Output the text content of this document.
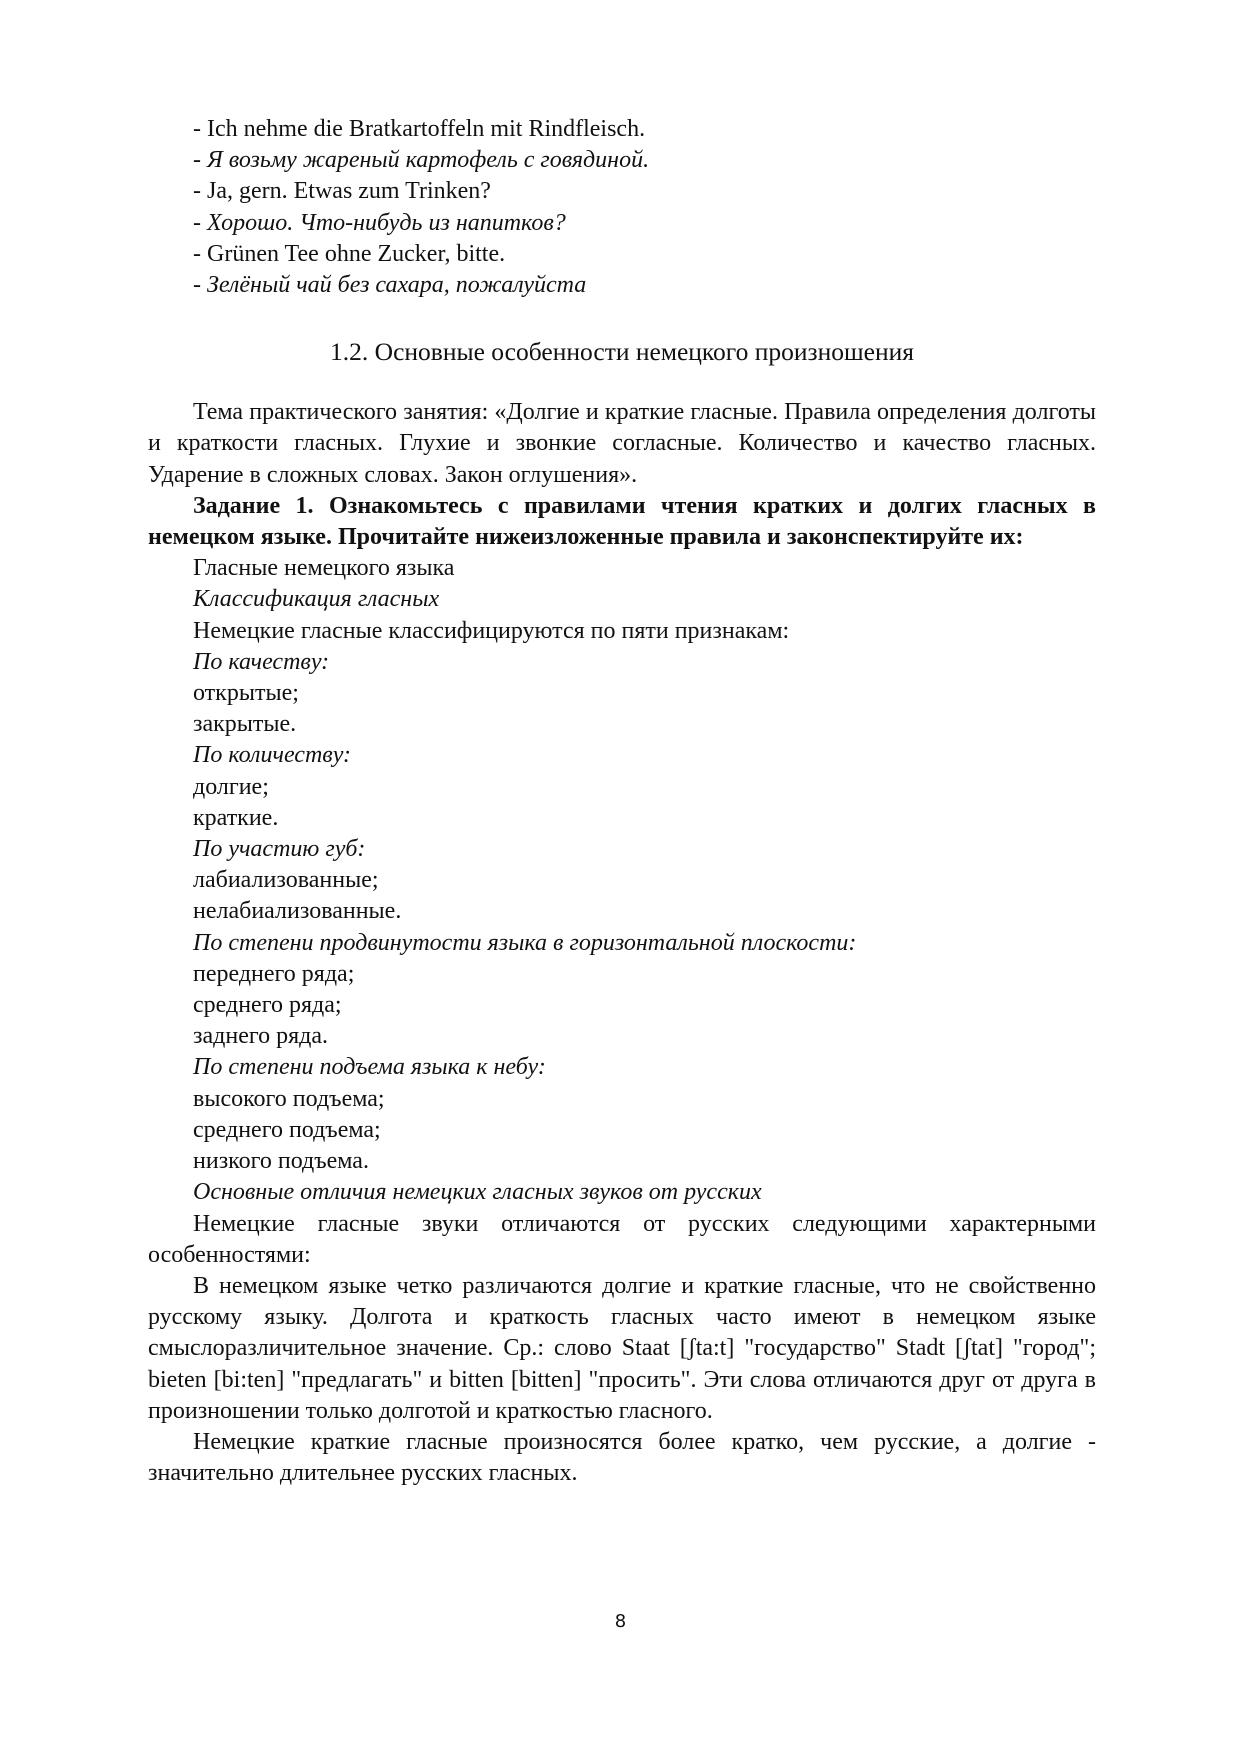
- Ich nehme die Bratkartoffeln mit Rindfleisch.

- Я возьму жареный картофель с говядиной.

- Ja, gern. Etwas zum Trinken?

- Хорошо. Что-нибудь из напитков?

- Grünen Tee ohne Zucker, bitte.

- Зелёный чай без сахара, пожалуйста

1.2. Основные особенности немецкого произношения

Тема практического занятия: «Долгие и краткие гласные. Правила определения долготы и краткости гласных. Глухие и звонкие согласные. Количество и качество гласных. Ударение в сложных словах. Закон оглушения».

Задание 1. Ознакомьтесь с правилами чтения кратких и долгих гласных в немецком языке. Прочитайте нижеизложенные правила и законспектируйте их:

Гласные немецкого языка

Классификация гласных

Немецкие гласные классифицируются по пяти признакам:

По качеству:

открытые;

закрытые.

По количеству:

долгие;

краткие.

По участию губ:

лабиализованные;

нелабиализованные.

По степени продвинутости языка в горизонтальной плоскости:

переднего ряда;

среднего ряда;

заднего ряда.

По степени подъема языка к небу:

высокого подъема;

среднего подъема;

низкого подъема.

Основные отличия немецких гласных звуков от русских

Немецкие гласные звуки отличаются от русских следующими характерными особенностями:

В немецком языке четко различаются долгие и краткие гласные, что не свойственно русскому языку. Долгота и краткость гласных часто имеют в немецком языке смыслоразличительное значение. Ср.: слово Staat [ʃta:t] "государство" Stadt [ʃtat] "город"; bieten [bi:ten] "предлагать" и bitten [bitten] "просить". Эти слова отличаются друг от друга в произношении только долготой и краткостью гласного.

Немецкие краткие гласные произносятся более кратко, чем русские, а долгие - значительно длительнее русских гласных.

8
